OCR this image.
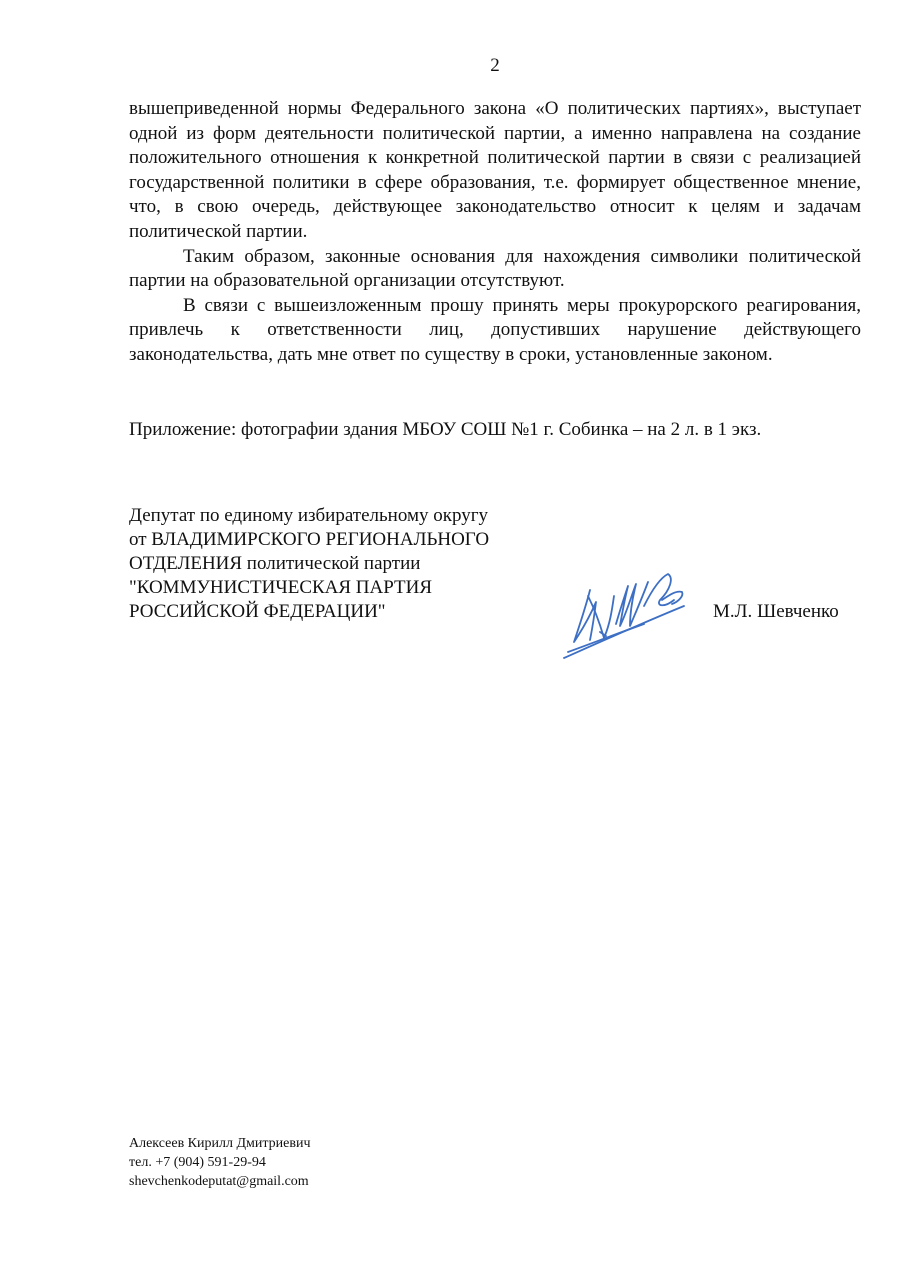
2

вышеприведенной нормы Федерального закона «О политических партиях», выступает одной из форм деятельности политической партии, а именно направлена на создание положительного отношения к конкретной политической партии в связи с реализацией государственной политики в сфере образования, т.е. формирует общественное мнение, что, в свою очередь, действующее законодательство относит к целям и задачам политической партии.

Таким образом, законные основания для нахождения символики политической партии на образовательной организации отсутствуют.

В связи с вышеизложенным прошу принять меры прокурорского реагирования, привлечь к ответственности лиц, допустивших нарушение действующего законодательства, дать мне ответ по существу в сроки, установленные законом.

Приложение: фотографии здания МБОУ СОШ №1 г. Собинка – на 2 л. в 1 экз.
Депутат по единому избирательному округу
от ВЛАДИМИРСКОГО РЕГИОНАЛЬНОГО
ОТДЕЛЕНИЯ политической партии
"КОММУНИСТИЧЕСКАЯ ПАРТИЯ
РОССИЙСКОЙ ФЕДЕРАЦИИ"	М.Л. Шевченко
Алексеев Кирилл Дмитриевич
тел. +7 (904) 591-29-94
shevchenkodeputat@gmail.com
